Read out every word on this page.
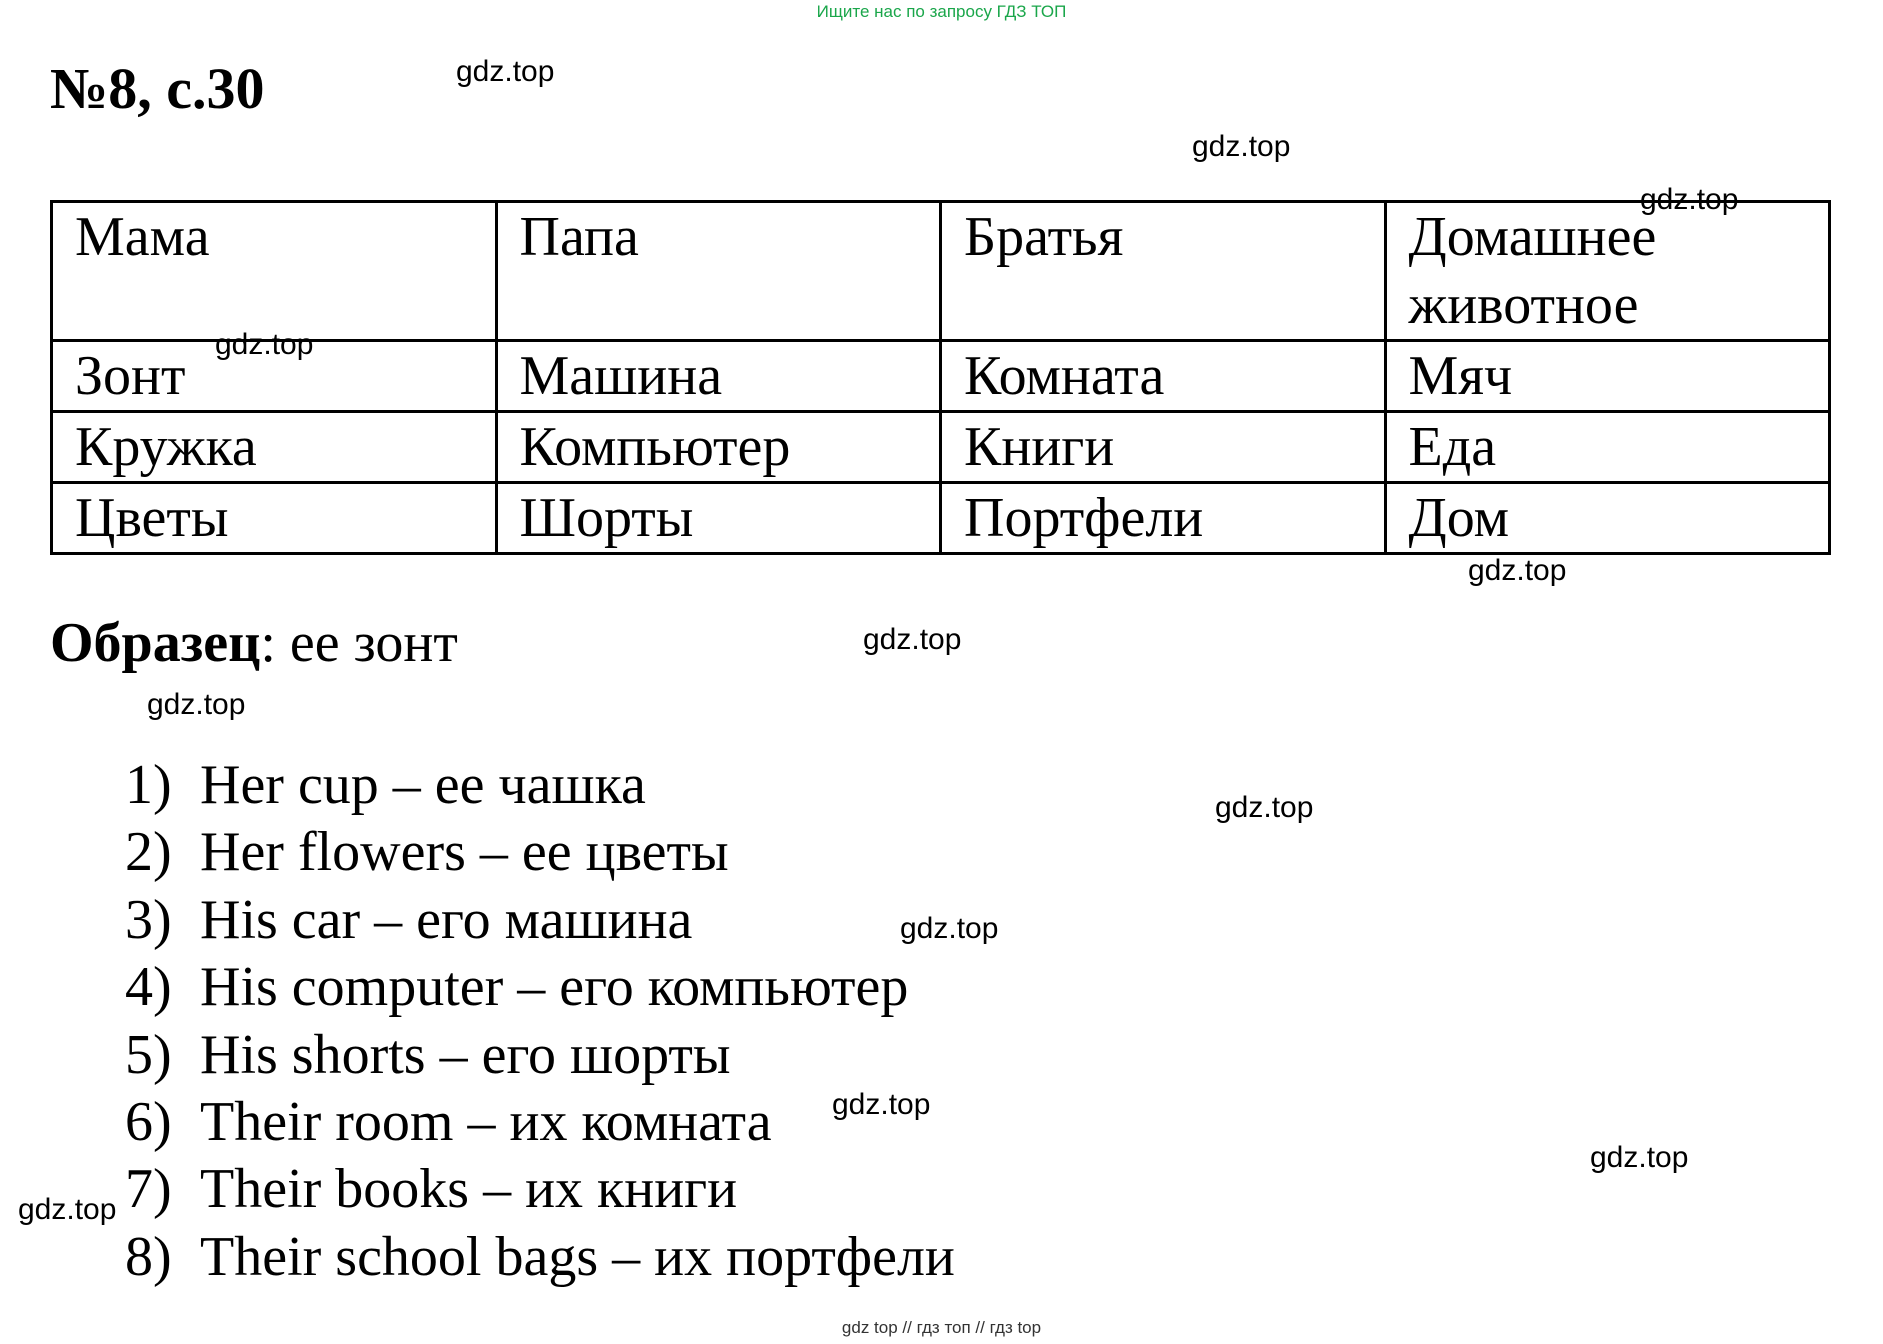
Ищите нас по запросу ГДЗ ТОП
№8, с.30
Мама	Папа	Братья	Домашнее животное
Зонт	Машина	Комната	Мяч
Кружка	Компьютер	Книги	Еда
Цветы	Шорты	Портфели	Дом
Образец: ее зонт
1) Her cup – ее чашка
2) Her flowers – ее цветы
3) His car – его машина
4) His computer – его компьютер
5) His shorts – его шорты
6) Their room – их комната
7) Their books – их книги
8) Their school bags – их портфели
gdz.top
gdz.top
gdz.top
gdz.top
gdz.top
gdz.top
gdz.top
gdz.top
gdz.top
gdz.top
gdz.top
gdz.top
gdz top // гдз топ // гдз top
